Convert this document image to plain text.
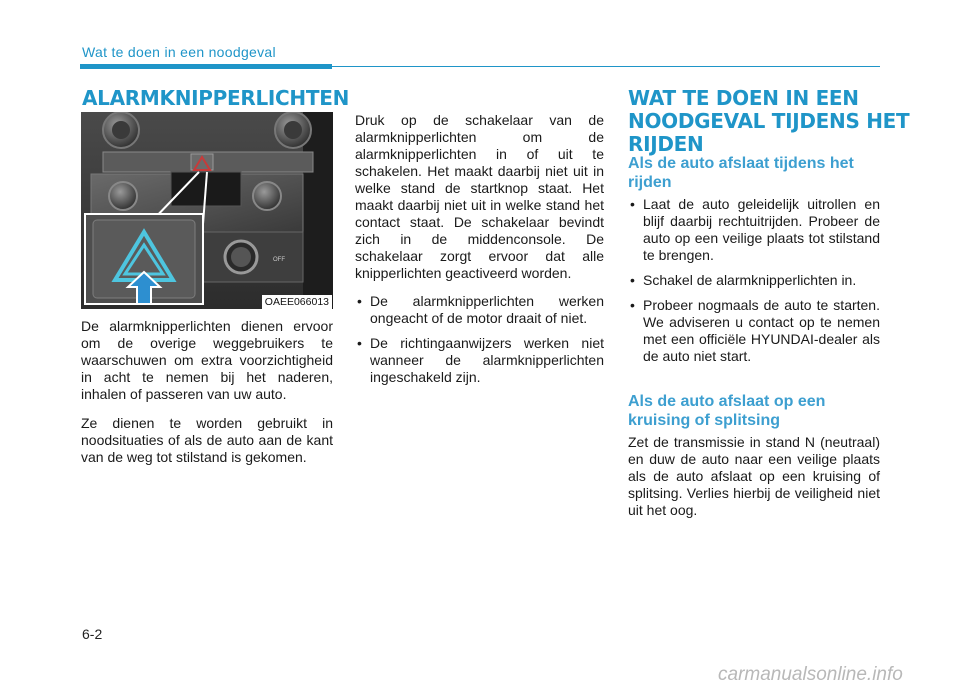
Wat te doen in een noodgeval
ALARMKNIPPERLICHTEN
OFF
OAEE066013

De alarmknipperlichten dienen ervoor om de overige weggebruikers te waarschuwen om extra voorzichtigheid in acht te nemen bij het naderen, inhalen of passeren van uw auto.

Ze dienen te worden gebruikt in noodsituaties of als de auto aan de kant van de weg tot stilstand is gekomen.

Druk op de schakelaar van de alarmknipperlichten om de alarmknipperlichten in of uit te schakelen. Het maakt daarbij niet uit in welke stand de startknop staat. Het maakt daarbij niet uit in welke stand het contact staat. De schakelaar bevindt zich in de middenconsole. De schakelaar zorgt ervoor dat alle knipperlichten geactiveerd worden.

• De alarmknipperlichten werken ongeacht of de motor draait of niet.
• De richtingaanwijzers werken niet wanneer de alarmknipperlichten ingeschakeld zijn.
WAT TE DOEN IN EEN
NOODGEVAL TIJDENS HET
RIJDEN
Als de auto afslaat tijdens het rijden
• Laat de auto geleidelijk uitrollen en blijf daarbij rechtuitrijden. Probeer de auto op een veilige plaats tot stilstand te brengen.
• Schakel de alarmknipperlichten in.
• Probeer nogmaals de auto te starten. We adviseren u contact op te nemen met een officiële HYUNDAI-dealer als de auto niet start.
Als de auto afslaat op een kruising of splitsing

Zet de transmissie in stand N (neutraal) en duw de auto naar een veilige plaats als de auto afslaat op een kruising of splitsing. Verlies hierbij de veiligheid niet uit het oog.

6-2
carmanualsonline.info
